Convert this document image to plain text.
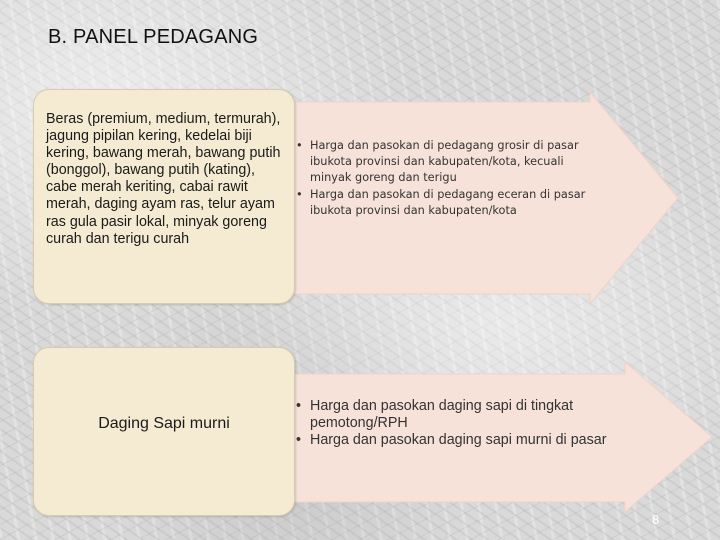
B. PANEL PEDAGANG

Beras (premium, medium, termurah), jagung pipilan kering, kedelai biji kering, bawang merah, bawang putih (bonggol), bawang putih (kating), cabe merah keriting, cabai rawit merah, daging ayam ras, telur ayam ras gula pasir lokal, minyak goreng curah dan terigu curah

Daging Sapi murni

• Harga dan pasokan di pedagang grosir di pasar ibukota provinsi dan kabupaten/kota, kecuali minyak goreng dan terigu
• Harga dan pasokan di pedagang eceran di pasar ibukota provinsi dan kabupaten/kota
• Harga dan pasokan daging sapi di tingkat pemotong/RPH
• Harga dan pasokan daging sapi murni di pasar
8
